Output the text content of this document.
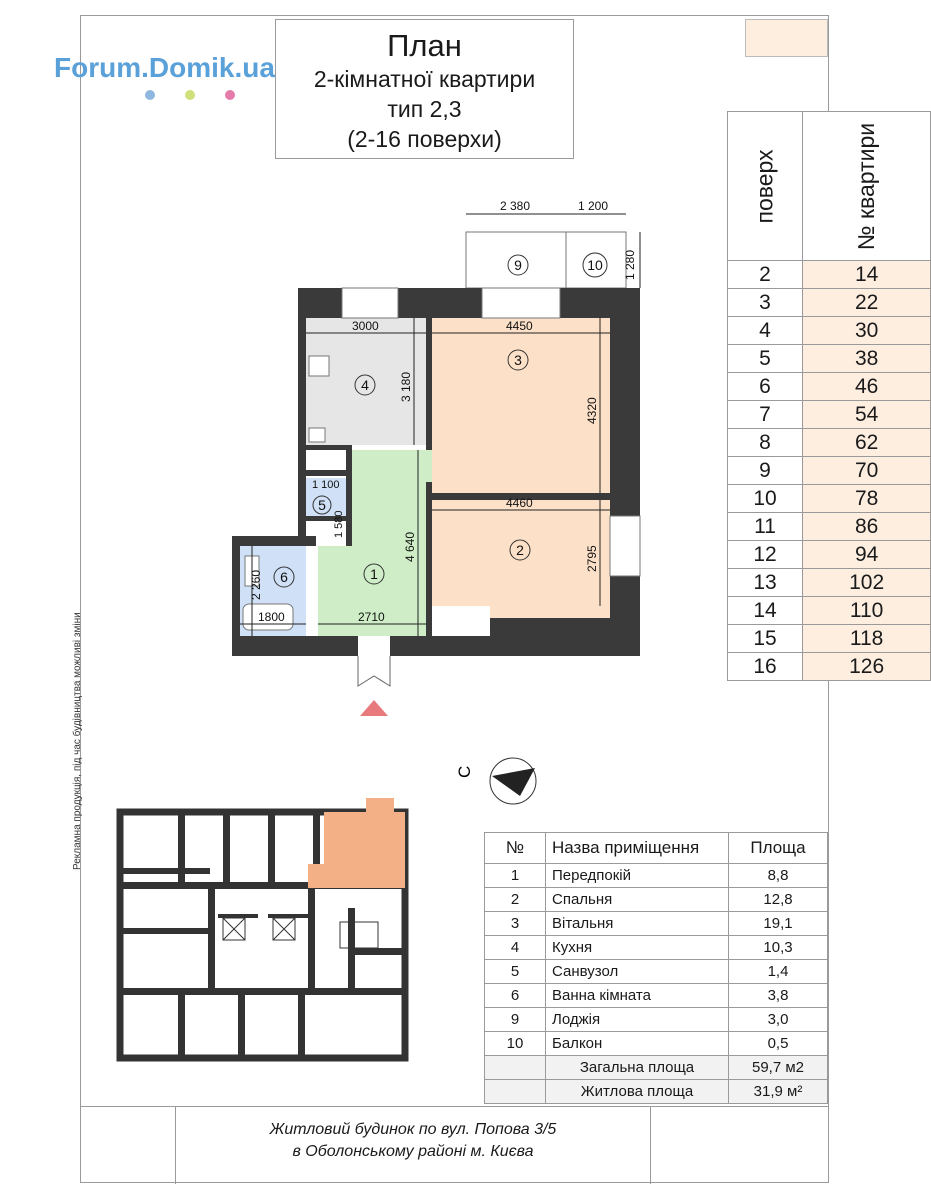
Forum.Domik.ua
План
2-кімнатної квартири
тип 2,3
(2-16 поверхи)
Рекламна продукція, під час будівництва можливі зміни
поверх	№ квартири
2	14
3	22
4	30
5	38
6	46
7	54
8	62
9	70
10	78
11	86
12	94
13	102
14	110
15	118
16	126
2 380	1 200
1 280
3000	4450
3 180
4320
1 100
1 580
4460
2795
4 640
2 260
1800	2710
1
2
3
4
5
6
9	10
С
№	Назва приміщення	Площа
1	Передпокій	8,8
2	Спальня	12,8
3	Вітальня	19,1
4	Кухня	10,3
5	Санвузол	1,4
6	Ванна кімната	3,8
9	Лоджія	3,0
10	Балкон	0,5
	Загальна площа	59,7 м2
	Житлова площа	31,9 м²
Житловий будинок по вул. Попова 3/5
в Оболонському районі м. Києва
